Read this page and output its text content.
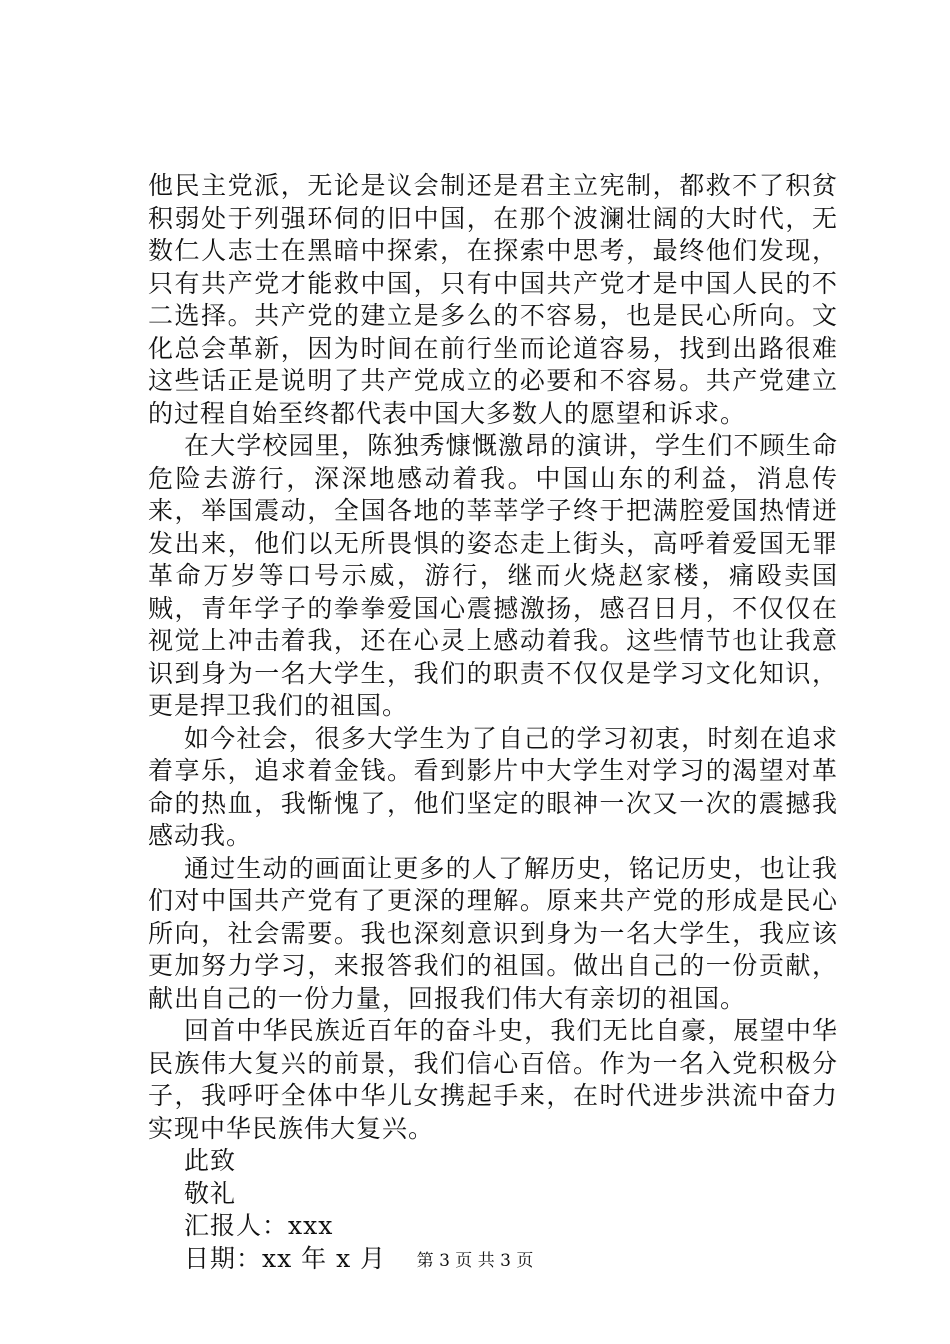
他民主党派，无论是议会制还是君主立宪制，都救不了积贫积弱处于列强环伺的旧中国，在那个波澜壮阔的大时代，无数仁人志士在黑暗中探索，在探索中思考，最终他们发现，只有共产党才能救中国，只有中国共产党才是中国人民的不二选择。共产党的建立是多么的不容易，也是民心所向。文化总会革新，因为时间在前行坐而论道容易，找到出路很难这些话正是说明了共产党成立的必要和不容易。共产党建立的过程自始至终都代表中国大多数人的愿望和诉求。

在大学校园里，陈独秀慷慨激昂的演讲，学生们不顾生命危险去游行，深深地感动着我。中国山东的利益，消息传来，举国震动，全国各地的莘莘学子终于把满腔爱国热情迸发出来，他们以无所畏惧的姿态走上街头，高呼着爱国无罪革命万岁等口号示威，游行，继而火烧赵家楼，痛殴卖国贼，青年学子的拳拳爱国心震撼激扬，感召日月，不仅仅在视觉上冲击着我，还在心灵上感动着我。这些情节也让我意识到身为一名大学生，我们的职责不仅仅是学习文化知识，更是捍卫我们的祖国。

如今社会，很多大学生为了自己的学习初衷，时刻在追求着享乐，追求着金钱。看到影片中大学生对学习的渴望对革命的热血，我惭愧了，他们坚定的眼神一次又一次的震撼我感动我。

通过生动的画面让更多的人了解历史，铭记历史，也让我们对中国共产党有了更深的理解。原来共产党的形成是民心所向，社会需要。我也深刻意识到身为一名大学生，我应该更加努力学习，来报答我们的祖国。做出自己的一份贡献，献出自己的一份力量，回报我们伟大有亲切的祖国。

回首中华民族近百年的奋斗史，我们无比自豪，展望中华民族伟大复兴的前景，我们信心百倍。作为一名入党积极分子，我呼吁全体中华儿女携起手来，在时代进步洪流中奋力实现中华民族伟大复兴。

此致

敬礼

汇报人：xxx

日期：xx 年 x 月	第 3 页 共 3 页
